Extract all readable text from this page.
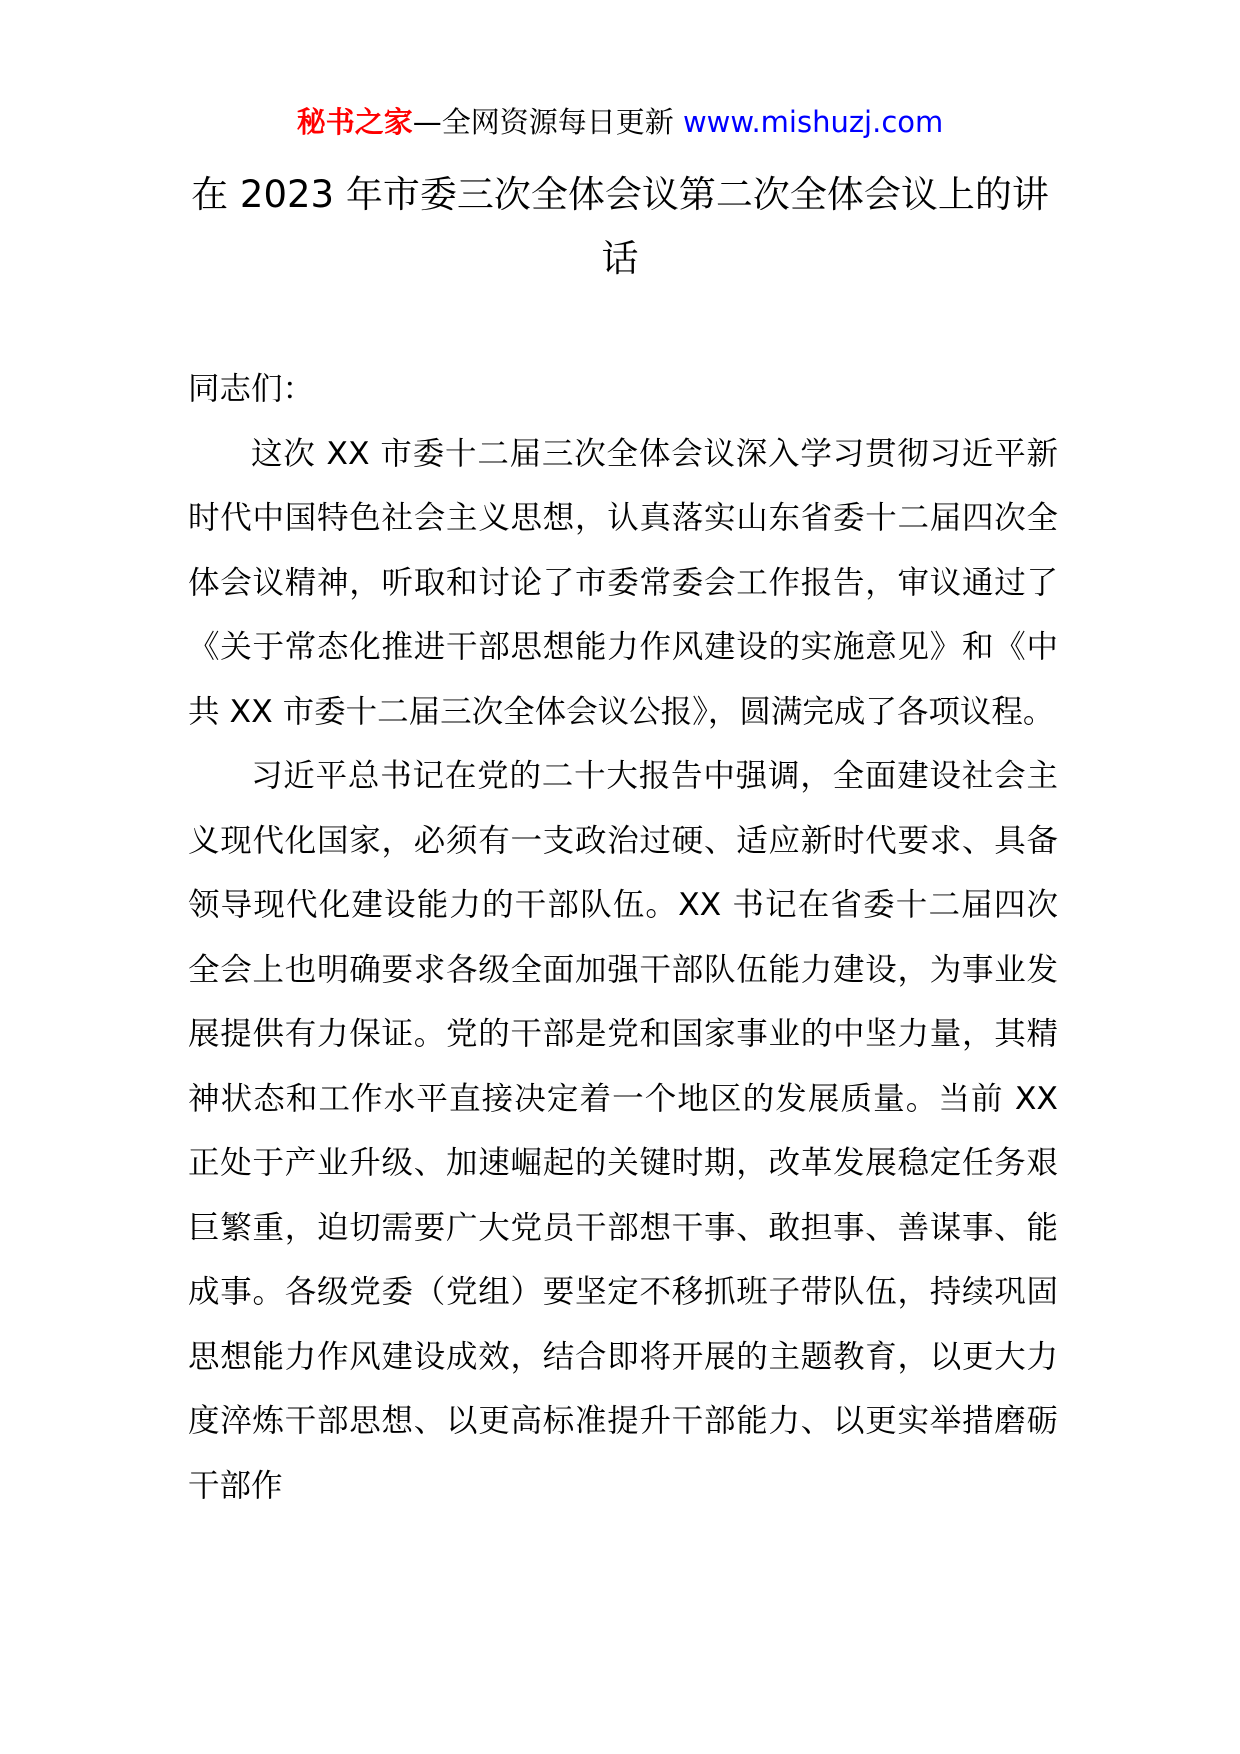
秘书之家—全网资源每日更新 www.mishuzj.com
在 2023 年市委三次全体会议第二次全体会议上的讲话

同志们：

这次 XX 市委十二届三次全体会议深入学习贯彻习近平新时代中国特色社会主义思想，认真落实山东省委十二届四次全体会议精神，听取和讨论了市委常委会工作报告，审议通过了《关于常态化推进干部思想能力作风建设的实施意见》和《中共 XX 市委十二届三次全体会议公报》，圆满完成了各项议程。

习近平总书记在党的二十大报告中强调，全面建设社会主义现代化国家，必须有一支政治过硬、适应新时代要求、具备领导现代化建设能力的干部队伍。XX 书记在省委十二届四次全会上也明确要求各级全面加强干部队伍能力建设，为事业发展提供有力保证。党的干部是党和国家事业的中坚力量，其精神状态和工作水平直接决定着一个地区的发展质量。当前 XX 正处于产业升级、加速崛起的关键时期，改革发展稳定任务艰巨繁重，迫切需要广大党员干部想干事、敢担事、善谋事、能成事。各级党委（党组）要坚定不移抓班子带队伍，持续巩固思想能力作风建设成效，结合即将开展的主题教育，以更大力度淬炼干部思想、以更高标准提升干部能力、以更实举措磨砺干部作
